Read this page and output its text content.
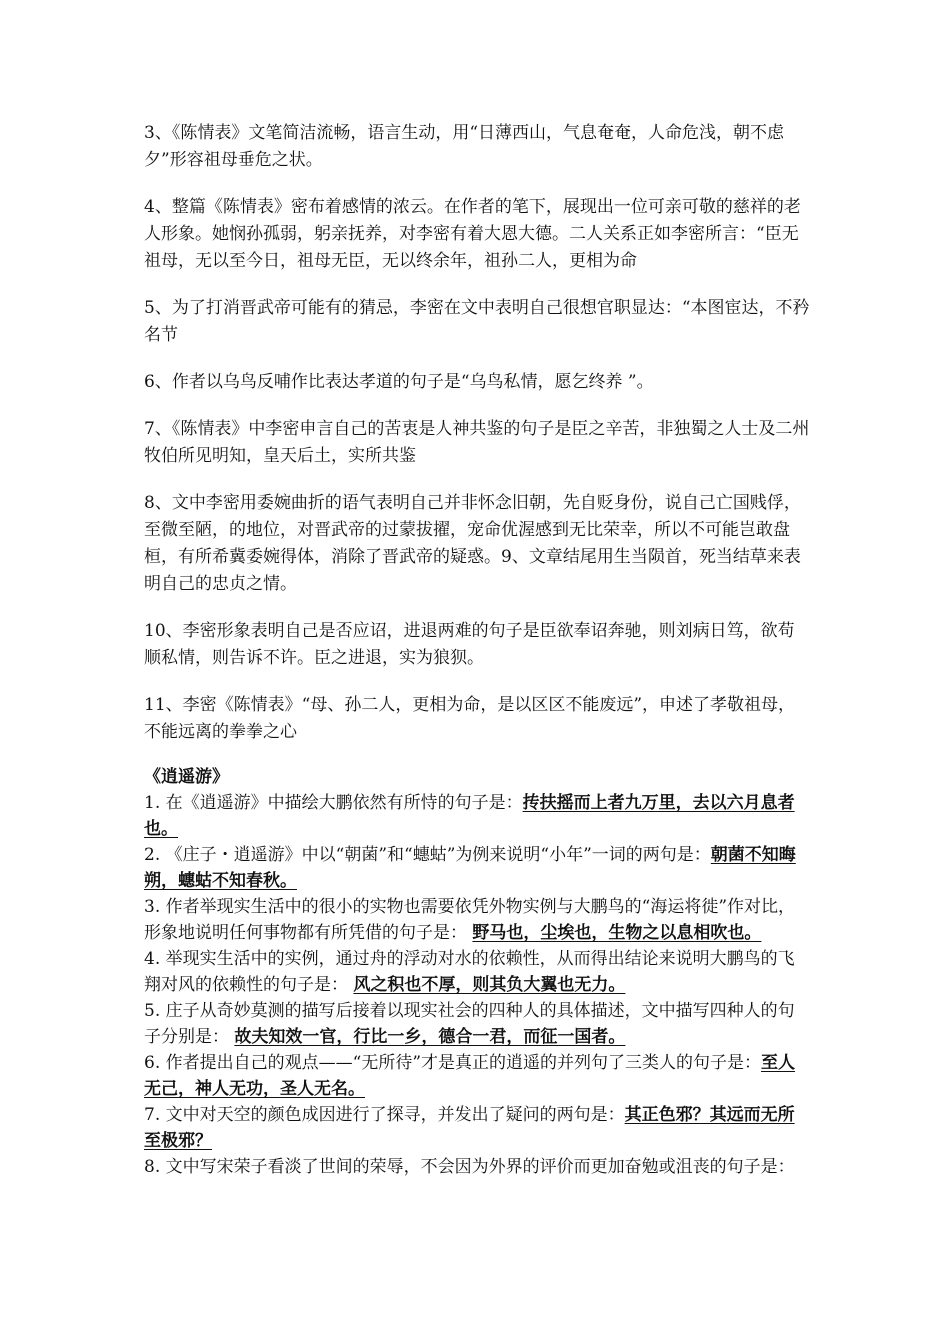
3、《陈情表》文笔简洁流畅，语言生动，用“日薄西山，气息奄奄，人命危浅，朝不虑夕”形容祖母垂危之状。

4、整篇《陈情表》密布着感情的浓云。在作者的笔下，展现出一位可亲可敬的慈祥的老人形象。她悯孙孤弱，躬亲抚养，对李密有着大恩大德。二人关系正如李密所言：“臣无祖母，无以至今日，祖母无臣，无以终余年，祖孙二人，更相为命

5、为了打消晋武帝可能有的猜忌，李密在文中表明自己很想官职显达：“本图宦达，不矜名节

6、作者以乌鸟反哺作比表达孝道的句子是“乌鸟私情，愿乞终养 ”。

7、《陈情表》中李密申言自己的苦衷是人神共鉴的句子是臣之辛苦，非独蜀之人士及二州牧伯所见明知，皇天后土，实所共鉴

8、文中李密用委婉曲折的语气表明自己并非怀念旧朝，先自贬身份，说自己亡国贱俘，至微至陋，的地位，对晋武帝的过蒙拔擢，宠命优渥感到无比荣幸，所以不可能岂敢盘桓，有所希冀委婉得体，消除了晋武帝的疑惑。9、文章结尾用生当陨首，死当结草来表明自己的忠贞之情。

10、李密形象表明自己是否应诏，进退两难的句子是臣欲奉诏奔驰，则刘病日笃，欲苟顺私情，则告诉不许。臣之进退，实为狼狈。

11、李密《陈情表》“母、孙二人，更相为命，是以区区不能废远”，申述了孝敬祖母，不能远离的拳拳之心

《逍遥游》

1. 在《逍遥游》中描绘大鹏依然有所恃的句子是：抟扶摇而上者九万里，去以六月息者也。

2. 《庄子・逍遥游》中以“朝菌”和“蟪蛄”为例来说明“小年”一词的两句是：朝菌不知晦朔，蟪蛄不知春秋。

3. 作者举现实生活中的很小的实物也需要依凭外物实例与大鹏鸟的“海运将徙”作对比，形象地说明任何事物都有所凭借的句子是： 野马也，尘埃也，生物之以息相吹也。

4. 举现实生活中的实例，通过舟的浮动对水的依赖性，从而得出结论来说明大鹏鸟的飞翔对风的依赖性的句子是： 风之积也不厚，则其负大翼也无力。

5. 庄子从奇妙莫测的描写后接着以现实社会的四种人的具体描述，文中描写四种人的句子分别是： 故夫知效一官，行比一乡，德合一君，而征一国者。

6. 作者提出自己的观点——“无所待”才是真正的逍遥的并列句了三类人的句子是：至人无己，神人无功，圣人无名。

7. 文中对天空的颜色成因进行了探寻，并发出了疑问的两句是：其正色邪？其远而无所至极邪？

8. 文中写宋荣子看淡了世间的荣辱，不会因为外界的评价而更加奋勉或沮丧的句子是：
